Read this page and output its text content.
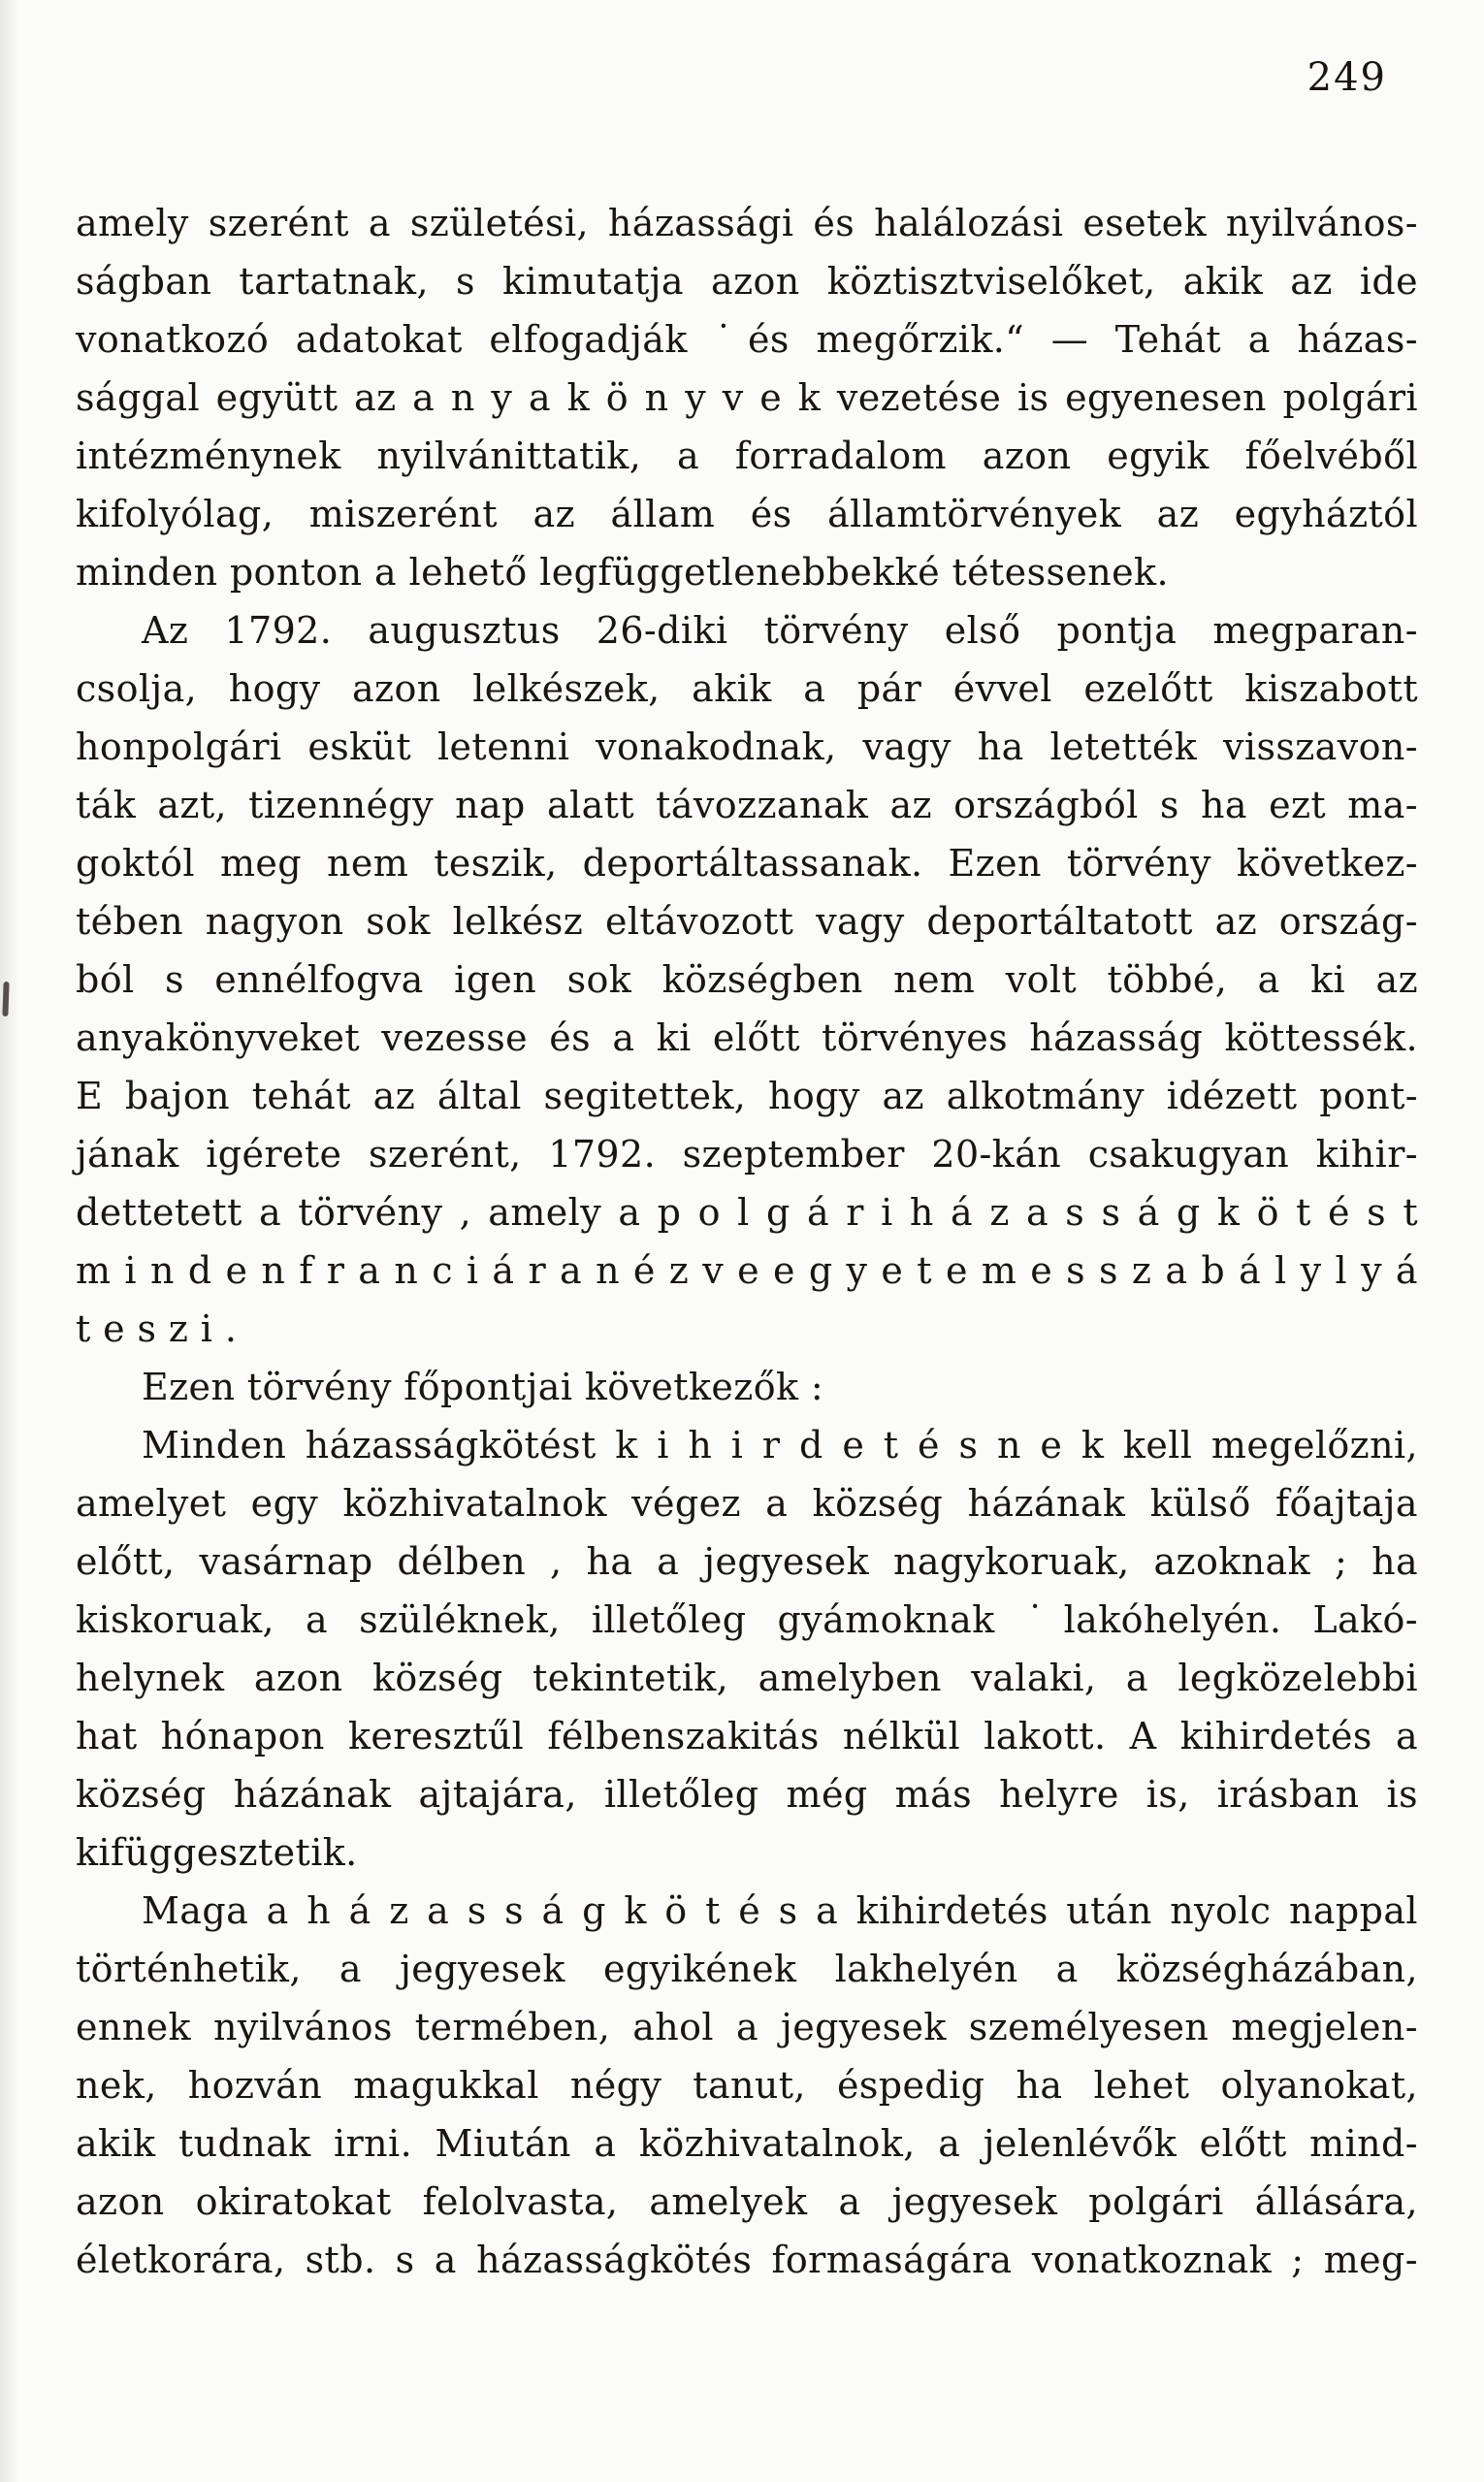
249
amely szerént a születési, házassági és halálozási esetek nyilvános-
ságban tartatnak, s kimutatja azon köztisztviselőket, akik az ide
vonatkozó adatokat elfogadják ˙és megőrzik.“ — Tehát a házas-
sággal együtt az a n y a k ö n y v e k vezetése is egyenesen polgári
intézménynek nyilvánittatik, a forradalom azon egyik főelvéből
kifolyólag, miszerént az állam és államtörvények az egyháztól
minden ponton a lehető legfüggetlenebbekké tétessenek.
Az 1792. augusztus 26-diki törvény első pontja megparan-
csolja, hogy azon lelkészek, akik a pár évvel ezelőtt kiszabott
honpolgári esküt letenni vonakodnak, vagy ha letették visszavon-
ták azt, tizennégy nap alatt távozzanak az országból s ha ezt ma-
goktól meg nem teszik, deportáltassanak. Ezen törvény következ-
tében nagyon sok lelkész eltávozott vagy deportáltatott az ország-
ból s ennélfogva igen sok községben nem volt többé, a ki az
anyakönyveket vezesse és a ki előtt törvényes házasság köttessék.
E bajon tehát az által segitettek, hogy az alkotmány idézett pont-
jának igérete szerént, 1792. szeptember 20-kán csakugyan kihir-
dettetett a törvény , amely a p o l g á r i h á z a s s á g k ö t é s t
m i n d e n f r a n c i á r a n é z v e e g y e t e m e s s z a b á l y l y á
t e s z i .
Ezen törvény főpontjai következők :
Minden házasságkötést k i h i r d e t é s n e k kell megelőzni,
amelyet egy közhivatalnok végez a község házának külső főajtaja
előtt, vasárnap délben , ha a jegyesek nagykoruak, azoknak ; ha
kiskoruak, a szüléknek, illetőleg gyámoknak ˙lakóhelyén. Lakó-
helynek azon község tekintetik, amelyben valaki, a legközelebbi
hat hónapon keresztűl félbenszakitás nélkül lakott. A kihirdetés a
község házának ajtajára, illetőleg még más helyre is, irásban is
kifüggesztetik.
Maga a h á z a s s á g k ö t é s a kihirdetés után nyolc nappal
történhetik, a jegyesek egyikének lakhelyén a községházában,
ennek nyilvános termében, ahol a jegyesek személyesen megjelen-
nek, hozván magukkal négy tanut, éspedig ha lehet olyanokat,
akik tudnak irni. Miután a közhivatalnok, a jelenlévők előtt mind-
azon okiratokat felolvasta, amelyek a jegyesek polgári állására,
életkorára, stb. s a házasságkötés formaságára vonatkoznak ; meg-
